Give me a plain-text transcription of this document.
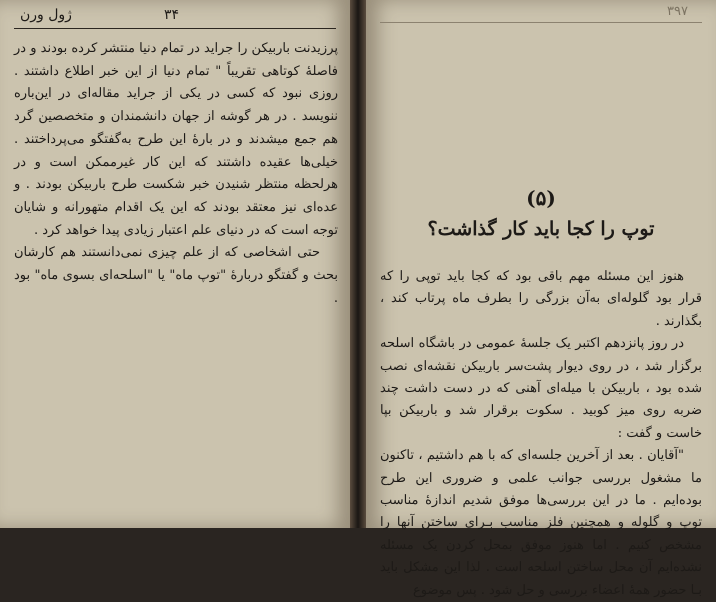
۳۴
ژول ورن

پرزیدنت باربیکن را جراید در تمام دنیا منتشر کرده بودند و در فاصلهٔ کوتاهی تقریباً " تمام دنیا از این خبر اطلاع داشتند . روزی نبود که کسی در یکی از جراید مقاله‌ای در این‌باره ننویسد . در هر گوشه از جهان دانشمندان و متخصصین گرد هم جمع میشدند و در بارهٔ این طرح به‌گفتگو می‌پرداختند . خیلی‌ها عقیده داشتند که این کار غیرممکن است و در هرلحظه منتظر شنیدن خبر شکست طرح باربیکن بودند . و عده‌ای نیز معتقد بودند که این یک اقدام متهورانه و شایان توجه است که در دنیای علم اعتبار زیادی پیدا خواهد کرد .

حتی اشخاصی که از علم چیزی نمی‌دانستند هم کارشان بحث و گفتگو دربارهٔ "توپ ماه" یا "اسلحه‌ای بسوی ماه" بود .

۳۹۷
(۵)
توپ را کجا باید کار گذاشت؟

هنوز این مسئله مهم باقی بود که کجا باید توپی را که قرار بود گلوله‌ای به‌آن بزرگی را بطرف ماه پرتاب کند ، بگذارند .

در روز پانزدهم اکتبر یک جلسهٔ عمومی در باشگاه اسلحه برگزار شد ، در روی دیوار پشت‌سر باربیکن نقشه‌ای نصب شده بود ، باربیکن با میله‌ای آهنی که در دست داشت چند ضربه روی میز کوبید . سکوت برقرار شد و باربیکن بپا خاست و گفت :

"آقایان . بعد از آخرین جلسه‌ای که با هم داشتیم ، تاکنون ما مشغول بررسی جوانب علمی و ضروری این طرح بوده‌ایم . ما در این بررسی‌ها موفق شدیم اندازهٔ مناسب توپ و گلوله و همچنین فلز مناسب بـرای ساختن آنها را مشخص کنیم . اما هنوز موفق بمحل کردن یک مسئله نشده‌ایم آن محل ساختن اسلحه است . لذا این مشکل باید بـا حضور همهٔ اعضاء بررسی و حل شود . پس موضوع
